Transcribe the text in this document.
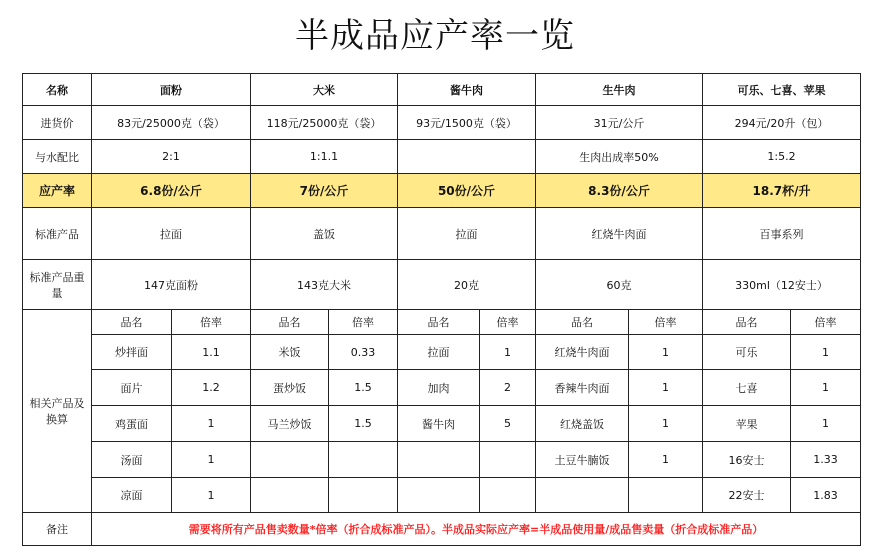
半成品应产率一览
名称	面粉		大米		酱牛肉		生牛肉		可乐、七喜、苹果	
进货价	83元/25000克（袋）		118元/25000克（袋）		93元/1500克（袋）		31元/公斤		294元/20升（包）	
与水配比	2:1		1:1.1				生肉出成率50%		1:5.2	
应产率	6.8份/公斤		7份/公斤		50份/公斤		8.3份/公斤		18.7杯/升	
标准产品	拉面		盖饭		拉面		红烧牛肉面		百事系列	
标准产品重量	147克面粉		143克大米		20克		60克		330ml（12安士）	
相关产品及换算	品名	倍率	品名	倍率	品名	倍率	品名	倍率	品名	倍率
	炒拌面	1.1	米饭	0.33	拉面	1	红烧牛肉面	1	可乐	1
	面片	1.2	蛋炒饭	1.5	加肉	2	香辣牛肉面	1	七喜	1
	鸡蛋面	1	马兰炒饭	1.5	酱牛肉	5	红烧盖饭	1	苹果	1
	汤面	1					土豆牛腩饭	1	16安士	1.33
	凉面	1							22安士	1.83
备注	需要将所有产品售卖数量*倍率（折合成标准产品）。半成品实际应产率=半成品使用量/成品售卖量（折合成标准产品）									
